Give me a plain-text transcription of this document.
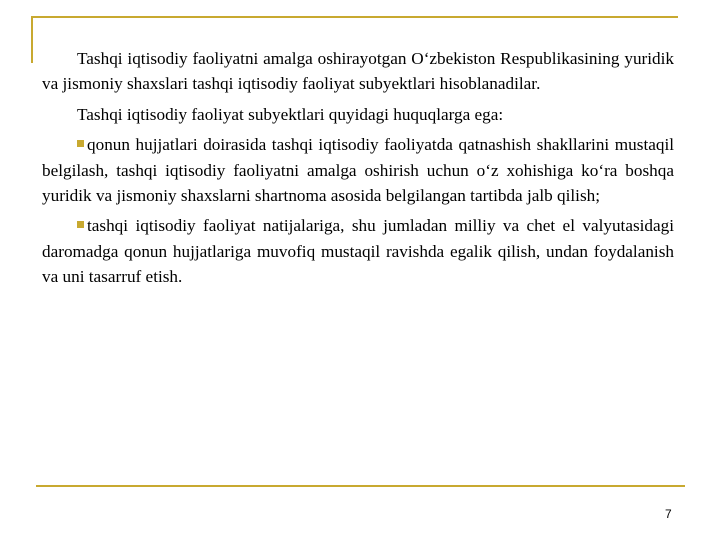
Tashqi iqtisodiy faoliyatni amalga oshirayotgan O‘zbekiston Respublikasining yuridik va jismoniy shaxslari tashqi iqtisodiy faoliyat subyektlari hisoblanadilar.

Tashqi iqtisodiy faoliyat subyektlari quyidagi huquqlarga ega:

qonun hujjatlari doirasida tashqi iqtisodiy faoliyatda qatnashish shakllarini mustaqil belgilash, tashqi iqtisodiy faoliyatni amalga oshirish uchun o‘z xohishiga ko‘ra boshqa yuridik va jismoniy shaxslarni shartnoma asosida belgilangan tartibda jalb qilish;

tashqi iqtisodiy faoliyat natijalariga, shu jumladan milliy va chet el valyutasidagi daromadga qonun hujjatlariga muvofiq mustaqil ravishda egalik qilish, undan foydalanish va uni tasarruf etish.

7
